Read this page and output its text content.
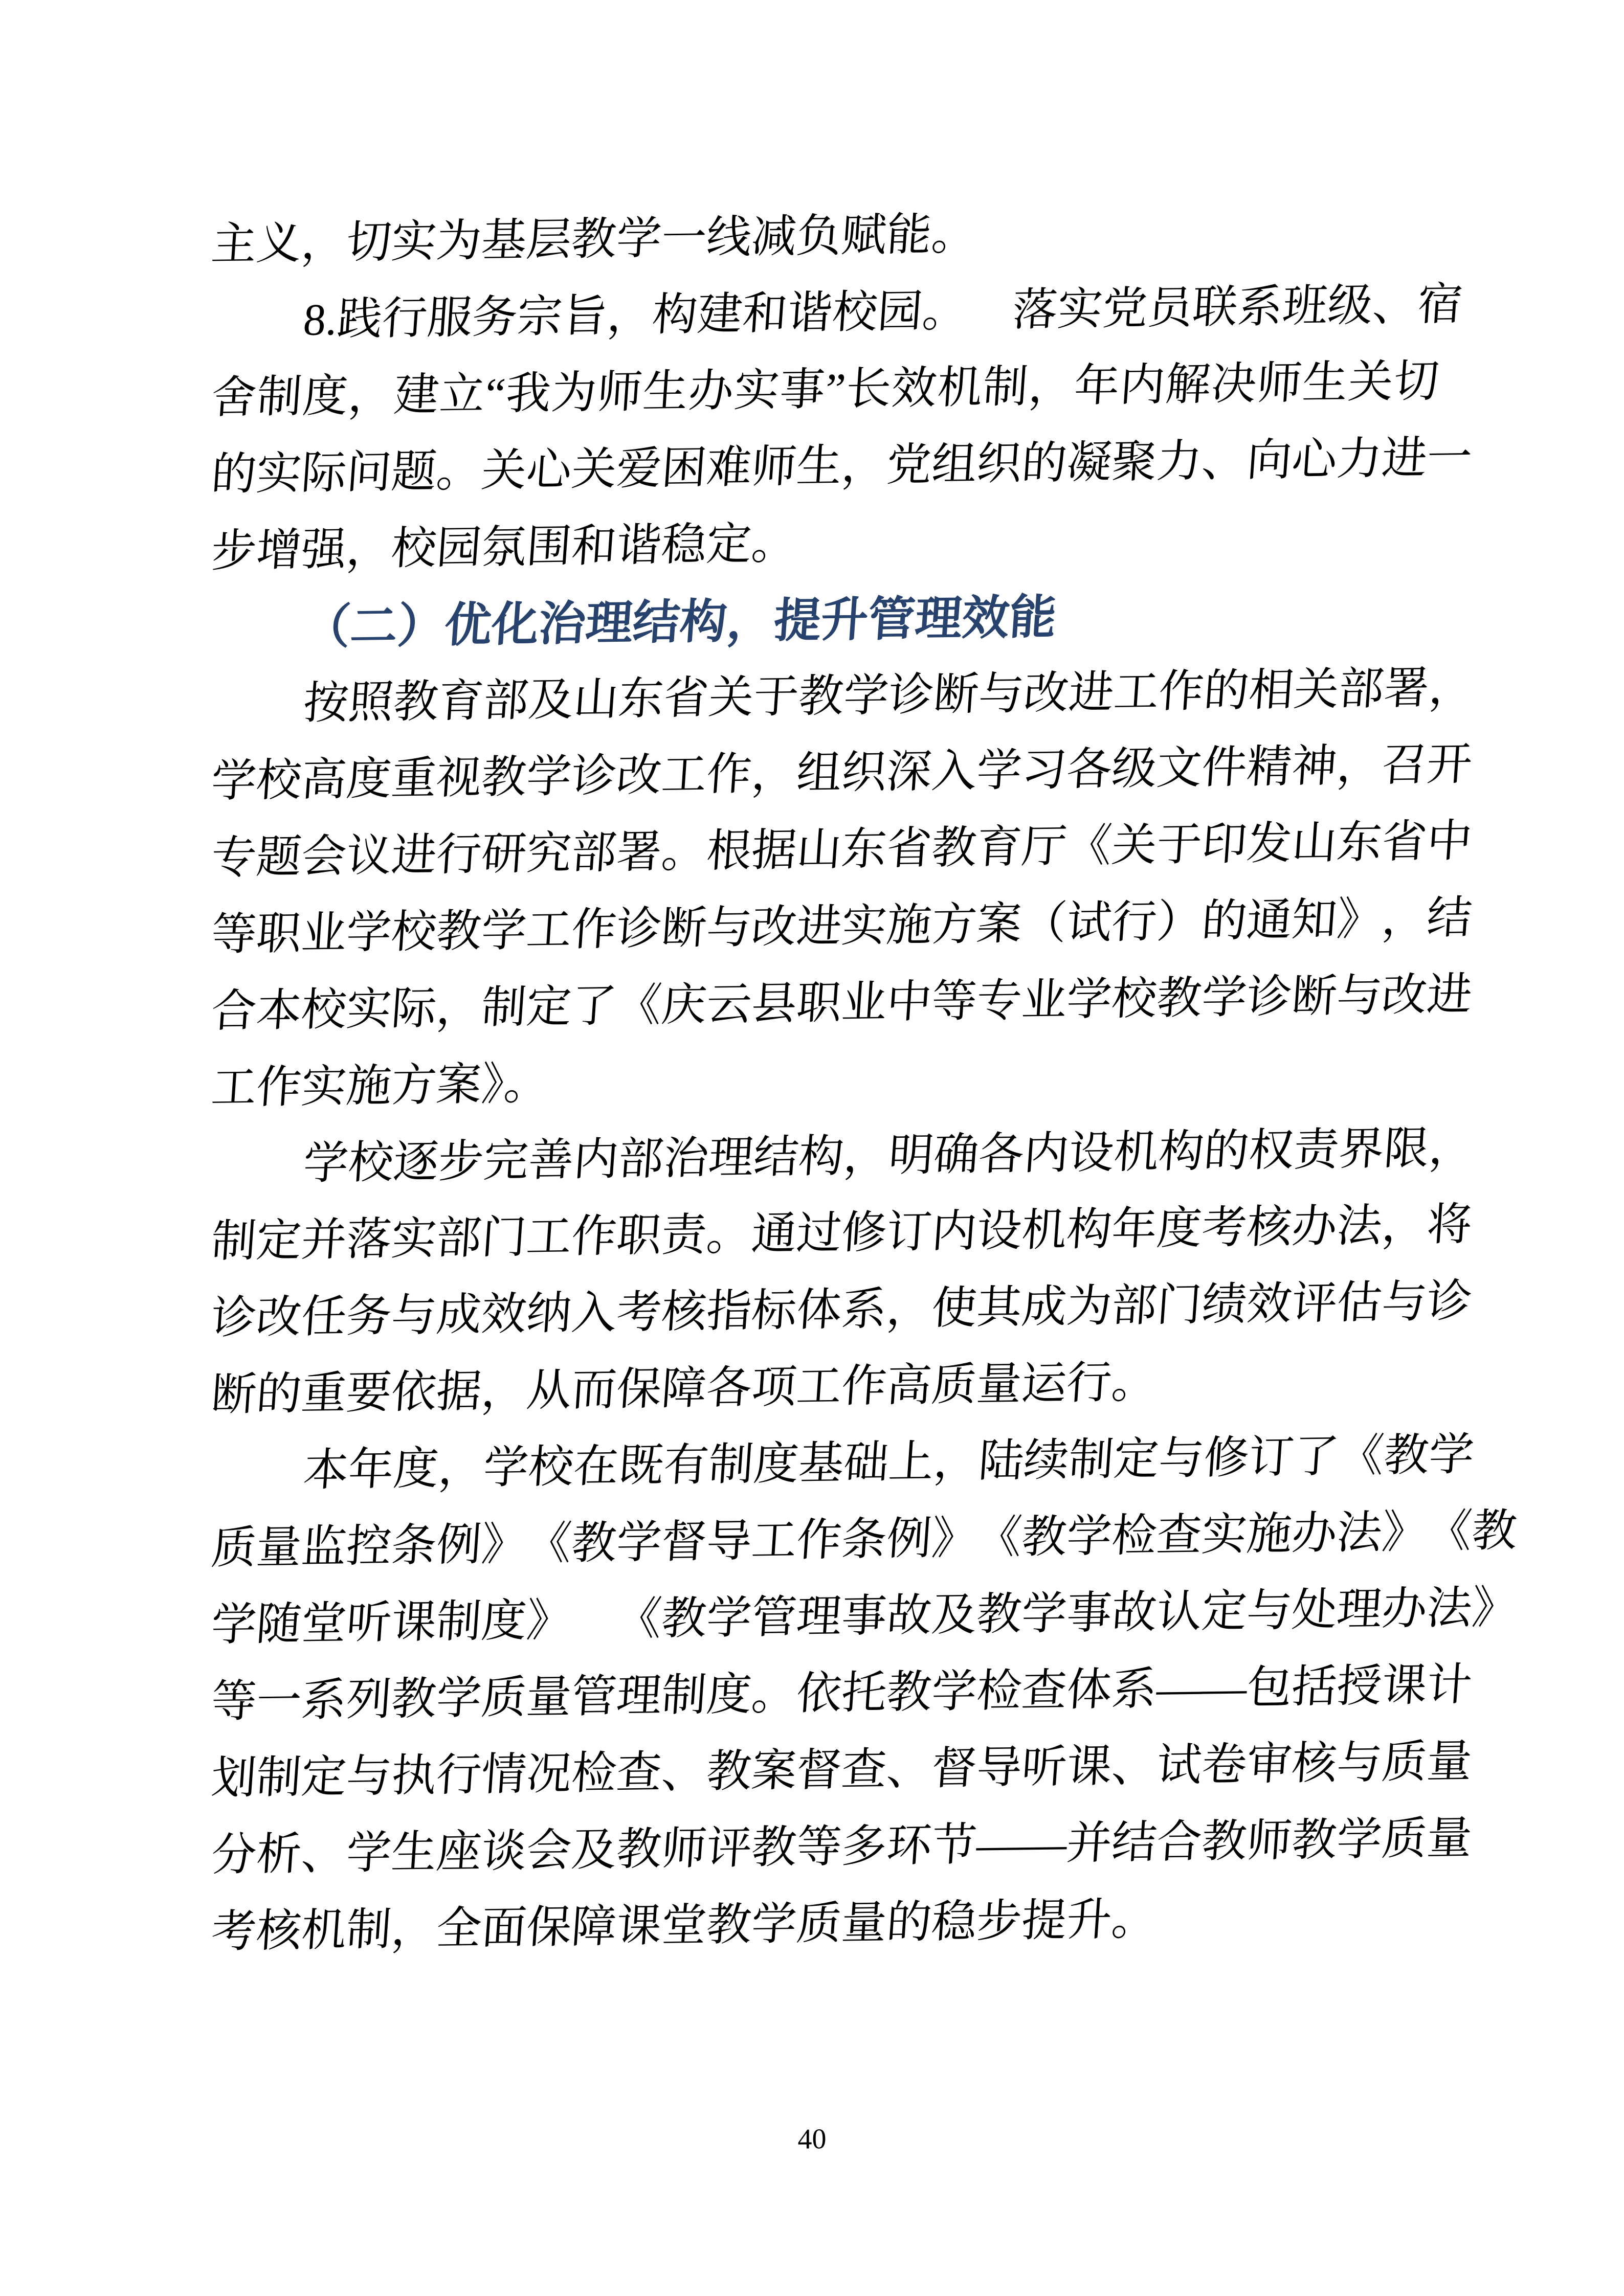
主义，切实为基层教学一线减负赋能。
8
.
践
行
服
务
宗
旨
，
构
建
和
谐
校
园
。
　 落
实
党
员
联
系
班
级
、
宿
舍
制
度
，
建
立
“
我
为
师
生
办
实
事
”
长
效
机
制
，
年
内
解
决
师
生
关
切
的
实
际
问
题
。
关
心
关
爱
困
难
师
生
，
党
组
织
的
凝
聚
力
、
向
心
力
进
一
步增强，校园氛围和谐稳定。
（二）优化治理结构，提升管理效能
按
照
教
育
部
及
山
东
省
关
于
教
学
诊
断
与
改
进
工
作
的
相
关
部
署
，
学
校
高
度
重
视
教
学
诊
改
工
作
，
组
织
深
入
学
习
各
级
文
件
精
神
，
召
开
专
题
会
议
进
行
研
究
部
署
。
根
据
山
东
省
教
育
厅
《
关
于
印
发
山
东
省
中
等
职
业
学
校
教
学
工
作
诊
断
与
改
进
实
施
方
案
（
试
行
）
的
通
知
》
，
结
合
本
校
实
际
，
制
定
了
《
庆
云
县
职
业
中
等
专
业
学
校
教
学
诊
断
与
改
进
工作实施方案》。
学
校
逐
步
完
善
内
部
治
理
结
构
，
明
确
各
内
设
机
构
的
权
责
界
限
，
制
定
并
落
实
部
门
工
作
职
责
。
通
过
修
订
内
设
机
构
年
度
考
核
办
法
，
将
诊
改
任
务
与
成
效
纳
入
考
核
指
标
体
系
，
使
其
成
为
部
门
绩
效
评
估
与
诊
断的重要依据，从而保障各项工作高质量运行。
本
年
度
，
学
校
在
既
有
制
度
基
础
上
，
陆
续
制
定
与
修
订
了
《
教
学
质
量
监
控
条
例
》
《
教
学
督
导
工
作
条
例
》
《
教
学
检
查
实
施
办
法
》
《
教
学
随
堂
听
课
制
度
》
　 《
教
学
管
理
事
故
及
教
学
事
故
认
定
与
处
理
办
法
》
等
一
系
列
教
学
质
量
管
理
制
度
。
依
托
教
学
检
查
体
系
—
—
包
括
授
课
计
划
制
定
与
执
行
情
况
检
查
、
教
案
督
查
、
督
导
听
课
、
试
卷
审
核
与
质
量
分
析
、
学
生
座
谈
会
及
教
师
评
教
等
多
环
节
—
—
并
结
合
教
师
教
学
质
量
考核机制，全面保障课堂教学质量的稳步提升。
40
